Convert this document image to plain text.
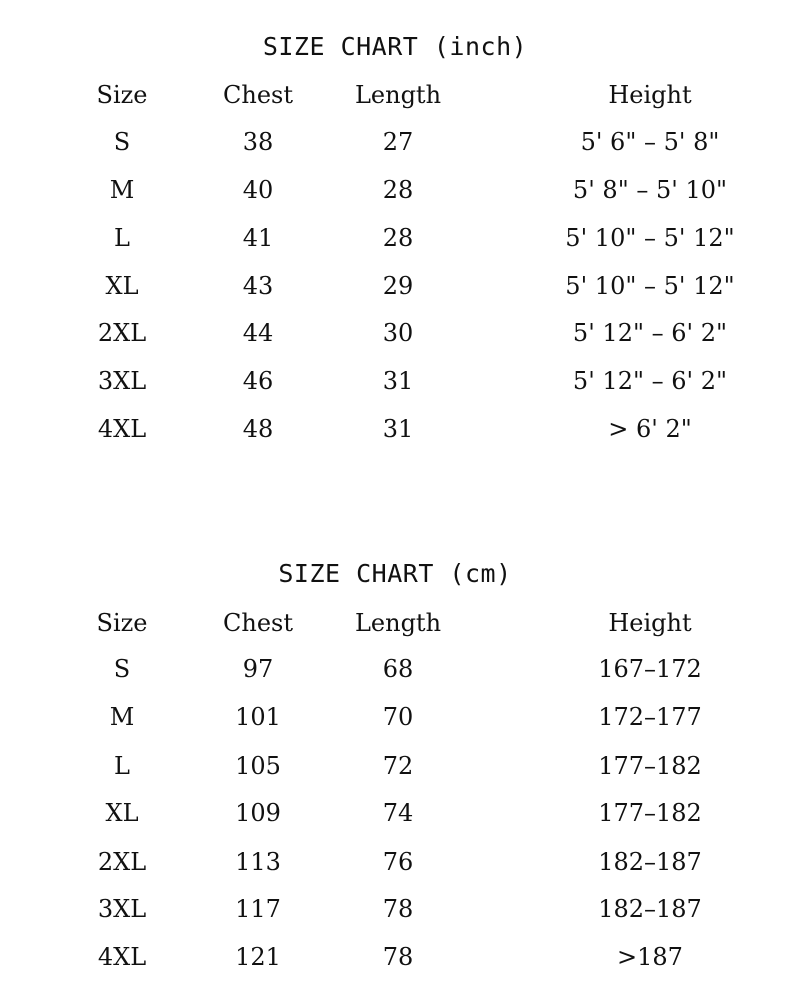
SIZE CHART (inch)
Size	Chest	Length	Height
S	38	27	5' 6" – 5' 8"
M	40	28	5' 8" – 5' 10"
L	41	28	5' 10" – 5' 12"
XL	43	29	5' 10" – 5' 12"
2XL	44	30	5' 12" – 6' 2"
3XL	46	31	5' 12" – 6' 2"
4XL	48	31	> 6' 2"
SIZE CHART (cm)
Size	Chest	Length	Height
S	97	68	167–172
M	101	70	172–177
L	105	72	177–182
XL	109	74	177–182
2XL	113	76	182–187
3XL	117	78	182–187
4XL	121	78	>187
